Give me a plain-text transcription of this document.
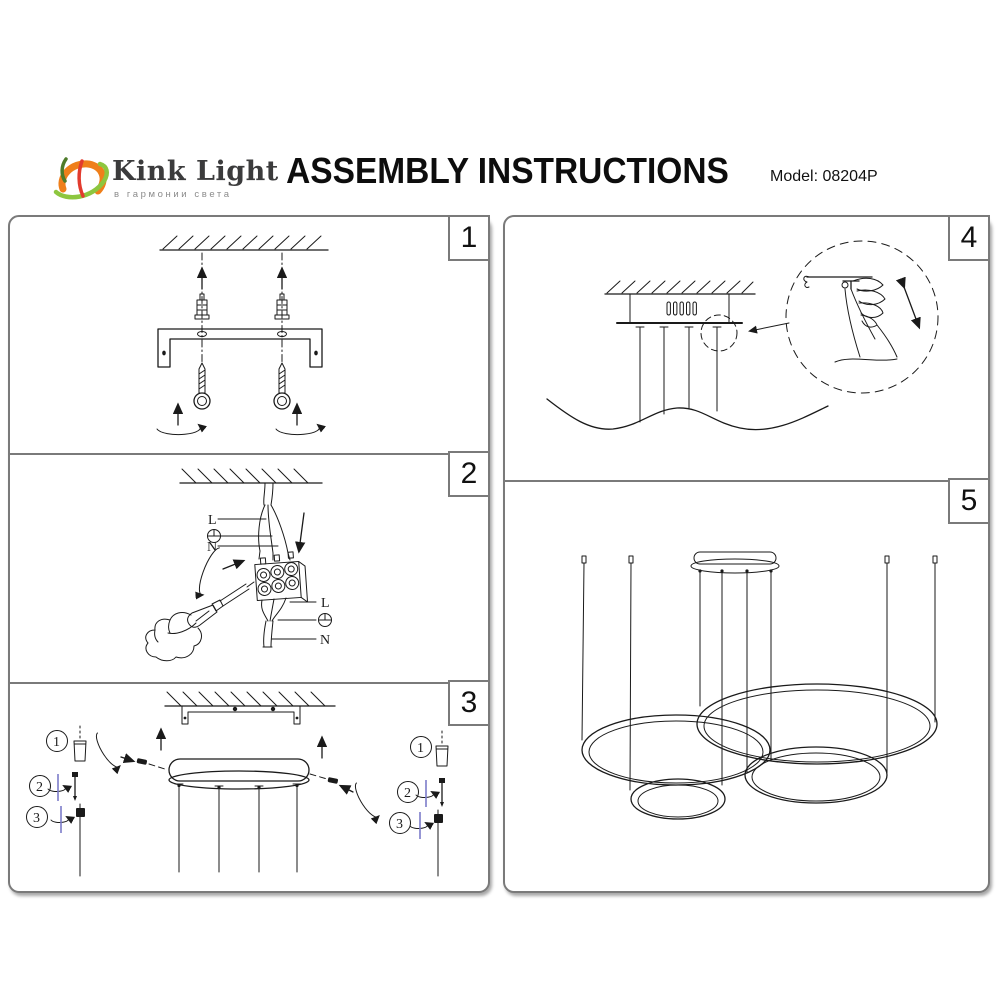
Kink Light
в гармонии света
ASSEMBLY INSTRUCTIONS	Model: 08204P
1
2
3
4
5
L
N
L
N
1
2
3
1
2
3
